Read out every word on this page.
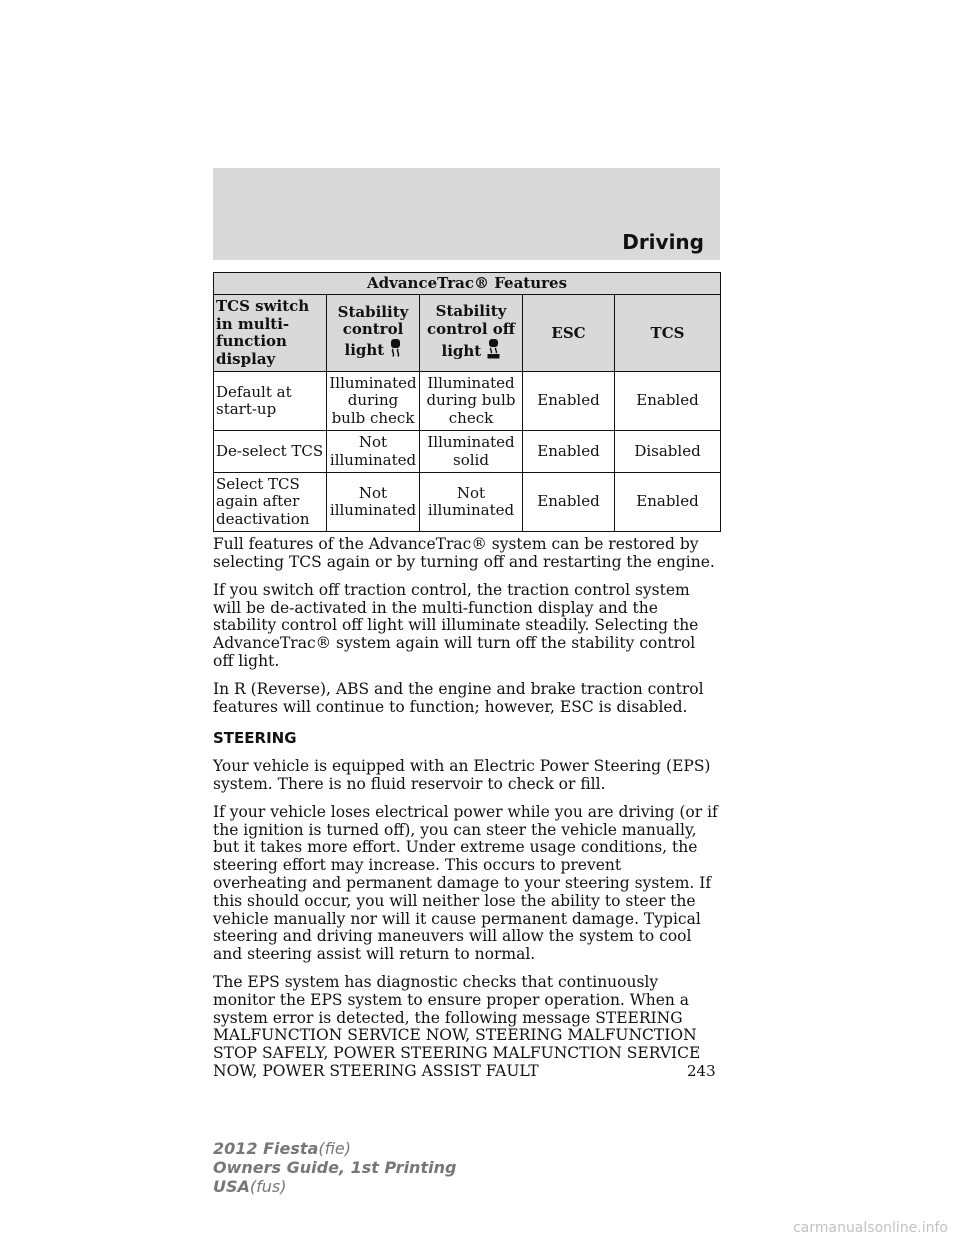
Driving
AdvanceTrac® Features				
TCS switch in multi-function display	Stability control light	Stability control off light	ESC	TCS
Default at start-up	Illuminated during bulb check	Illuminated during bulb check	Enabled	Enabled
De-select TCS	Not illuminated	Illuminated solid	Enabled	Disabled
Select TCS again after deactivation	Not illuminated	Not illuminated	Enabled	Enabled

Full features of the AdvanceTrac® system can be restored by selecting TCS again or by turning off and restarting the engine.

If you switch off traction control, the traction control system will be de-activated in the multi-function display and the stability control off light will illuminate steadily. Selecting the AdvanceTrac® system again will turn off the stability control off light.

In R (Reverse), ABS and the engine and brake traction control features will continue to function; however, ESC is disabled.

STEERING

Your vehicle is equipped with an Electric Power Steering (EPS) system. There is no fluid reservoir to check or fill.

If your vehicle loses electrical power while you are driving (or if the ignition is turned off), you can steer the vehicle manually, but it takes more effort. Under extreme usage conditions, the steering effort may increase. This occurs to prevent overheating and permanent damage to your steering system. If this should occur, you will neither lose the ability to steer the vehicle manually nor will it cause permanent damage. Typical steering and driving maneuvers will allow the system to cool and steering assist will return to normal.

The EPS system has diagnostic checks that continuously monitor the EPS system to ensure proper operation. When a system error is detected, the following message STEERING MALFUNCTION SERVICE NOW, STEERING MALFUNCTION STOP SAFELY, POWER STEERING MALFUNCTION SERVICE NOW, POWER STEERING ASSIST FAULT	243
2012 Fiesta(fie)
Owners Guide, 1st Printing
USA(fus)
carmanualsonline.info
